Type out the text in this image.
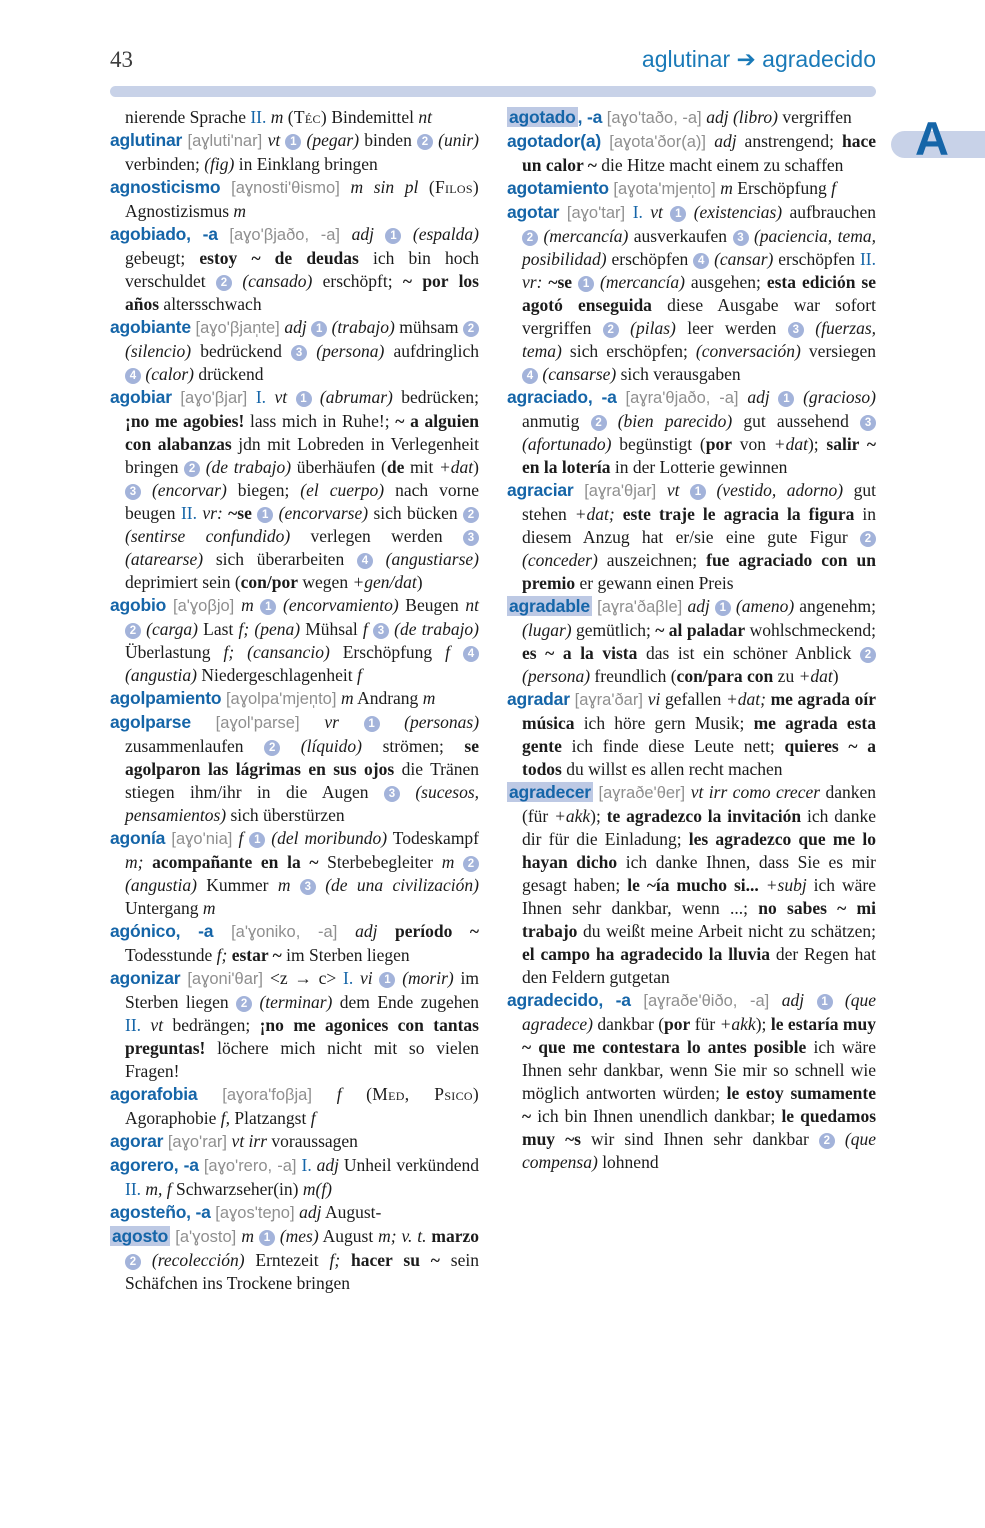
43	aglutinar ➔ agradecido
A

nierende Sprache II. m (Téc) Bindemittel nt

aglutinar [aɣluti'nar] vt 1 (pegar) binden 2 (unir) verbinden; (fig) in Einklang bringen

agnosticismo [aɣnosti'θismo] m sin pl (Filos) Agnostizismus m

agobiado, -a [aɣo'βjaðo, -a] adj 1 (espalda) gebeugt; estoy ~ de deudas ich bin hoch verschuldet 2 (cansado) erschöpft; ~ por los años altersschwach

agobiante [aɣo'βjan̩te] adj 1 (trabajo) mühsam 2 (silencio) bedrückend 3 (persona) aufdringlich 4 (calor) drückend

agobiar [aɣo'βjar] I. vt 1 (abrumar) bedrücken; ¡no me agobies! lass mich in Ruhe!; ~ a alguien con alabanzas jdn mit Lobreden in Verlegenheit bringen 2 (de trabajo) überhäufen (de mit +dat) 3 (encorvar) biegen; (el cuerpo) nach vorne beugen II. vr: ~se 1 (encorvarse) sich bücken 2 (sentirse confundido) verlegen werden 3 (atarearse) sich überarbeiten 4 (angustiarse) deprimiert sein (con/por wegen +gen/dat)

agobio [a'ɣoβjo] m 1 (encorvamiento) Beugen nt 2 (carga) Last f; (pena) Mühsal f 3 (de trabajo) Überlastung f; (cansancio) Erschöpfung f 4 (angustia) Niedergeschlagenheit f

agolpamiento [aɣolpa'mjen̩to] m Andrang m

agolparse [aɣol'parse] vr 1 (personas) zusammenlaufen 2 (líquido) strömen; se agolparon las lágrimas en sus ojos die Tränen stiegen ihm/ihr in die Augen 3 (sucesos, pensamientos) sich überstürzen

agonía [aɣo'nia] f 1 (del moribundo) Todeskampf m; acompañante en la ~ Sterbebegleiter m 2 (angustia) Kummer m 3 (de una civilización) Untergang m

agónico, -a [a'ɣoniko, -a] adj período ~ Todesstunde f; estar ~ im Sterben liegen

agonizar [aɣoni'θar] <z → c> I. vi 1 (morir) im Sterben liegen 2 (terminar) dem Ende zugehen II. vt bedrängen; ¡no me agonices con tantas preguntas! löchere mich nicht mit so vielen Fragen!

agorafobia [aɣora'foβja] f (Med, Psico) Agoraphobie f, Platzangst f

agorar [aɣo'rar] vt irr voraussagen

agorero, -a [aɣo'rero, -a] I. adj Unheil verkündend II. m, f Schwarzseher(in) m(f)

agosteño, -a [aɣos'teɲo] adj August-

agosto [a'ɣosto] m 1 (mes) August m; v. t. marzo 2 (recolección) Erntezeit f; hacer su ~ sein Schäfchen ins Trockene bringen

agotado , -a [aɣo'taðo, -a] adj (libro) vergriffen

agotador(a) [aɣota'ðor(a)] adj anstrengend; hace un calor ~ die Hitze macht einem zu schaffen

agotamiento [aɣota'mjen̩to] m Erschöpfung f

agotar [aɣo'tar] I. vt 1 (existencias) aufbrauchen 2 (mercancía) ausverkaufen 3 (paciencia, tema, posibilidad) erschöpfen 4 (cansar) erschöpfen II. vr: ~se 1 (mercancía) ausgehen; esta edición se agotó enseguida diese Ausgabe war sofort vergriffen 2 (pilas) leer werden 3 (fuerzas, tema) sich erschöpfen; (conversación) versiegen 4 (cansarse) sich verausgaben

agraciado, -a [aɣra'θjaðo, -a] adj 1 (gracioso) anmutig 2 (bien parecido) gut aussehend 3 (afortunado) begünstigt (por von +dat); salir ~ en la lotería in der Lotterie gewinnen

agraciar [aɣra'θjar] vt 1 (vestido, adorno) gut stehen +dat; este traje le agracia la figura in diesem Anzug hat er/sie eine gute Figur 2 (conceder) auszeichnen; fue agraciado con un premio er gewann einen Preis

agradable [aɣra'ðaβle] adj 1 (ameno) angenehm; (lugar) gemütlich; ~ al paladar wohlschmeckend; es ~ a la vista das ist ein schöner Anblick 2 (persona) freundlich (con/para con zu +dat)

agradar [aɣra'ðar] vi gefallen +dat; me agrada oír música ich höre gern Musik; me agrada esta gente ich finde diese Leute nett; quieres ~ a todos du willst es allen recht machen

agradecer [aɣraðe'θer] vt irr como crecer danken (für +akk); te agradezco la invitación ich danke dir für die Einladung; les agradezco que me lo hayan dicho ich danke Ihnen, dass Sie es mir gesagt haben; le ~ía mucho si... +subj ich wäre Ihnen sehr dankbar, wenn ...; no sabes ~ mi trabajo du weißt meine Arbeit nicht zu schätzen; el campo ha agradecido la lluvia der Regen hat den Feldern gutgetan

agradecido, -a [aɣraðe'θiðo, -a] adj 1 (que agradece) dankbar (por für +akk); le estaría muy ~ que me contestara lo antes posible ich wäre Ihnen sehr dankbar, wenn Sie mir so schnell wie möglich antworten würden; le estoy sumamente ~ ich bin Ihnen unendlich dankbar; le quedamos muy ~s wir sind Ihnen sehr dankbar 2 (que compensa) lohnend
